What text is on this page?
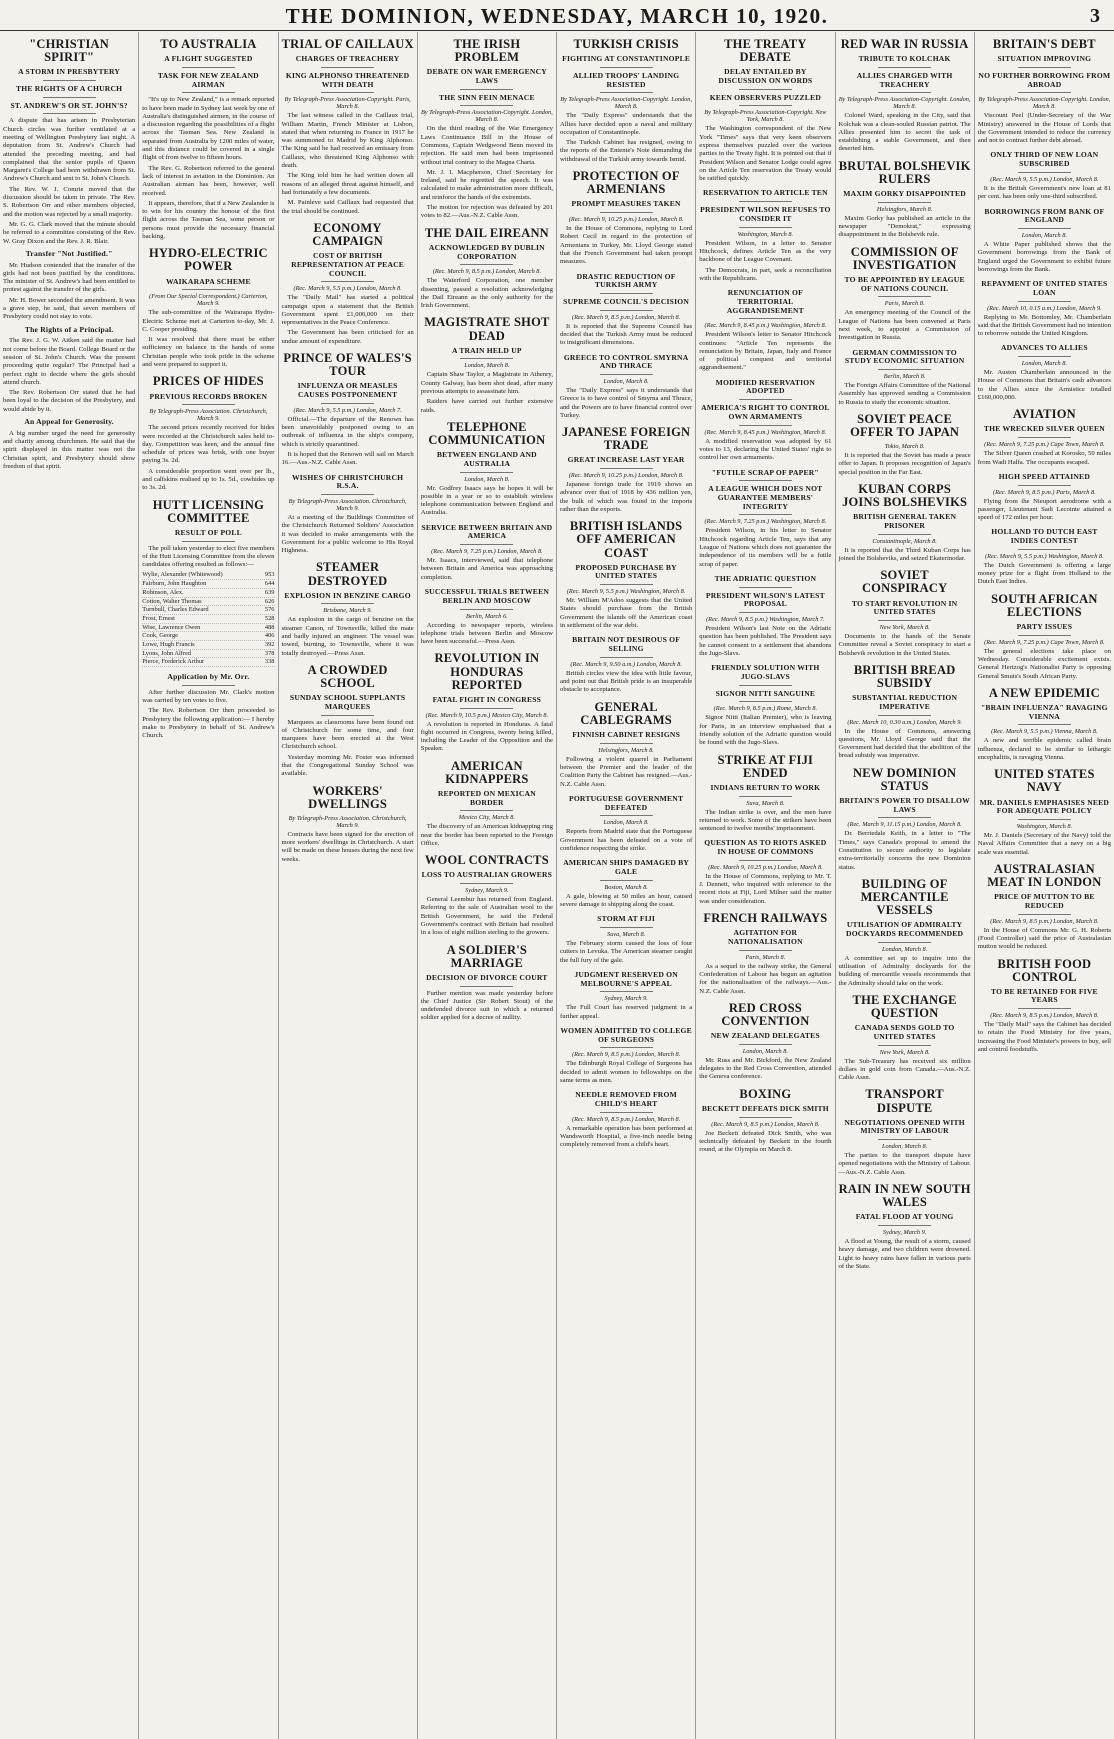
THE DOMINION, WEDNESDAY, MARCH 10, 1920.	3
"CHRISTIAN SPIRIT"
A STORM IN PRESBYTERY
THE RIGHTS OF A CHURCH
ST. ANDREW'S OR ST. JOHN'S?

A dispute that has arisen in Presbyterian Church circles was further ventilated at a meeting of Wellington Presbytery last night. A deputation from St. Andrew's Church had attended the preceding meeting, and had complained that the senior pupils of Queen Margaret's College had been withdrawn from St. Andrew's Church and sent to St. John's Church.

The Rev. W. J. Comrie moved that the discussion should be taken in private. The Rev. S. Robertson Orr and other members objected, and the motion was rejected by a small majority.

Mr. G. G. Clark moved that the minute should be referred to a committee consisting of the Rev. W. Gray Dixon and the Rev. J. R. Blair.

Transfer "Not Justified."

Mr. Hudson contended that the transfer of the girls had not been justified by the conditions. The minister of St. Andrew's had been entitled to protest against the transfer of the girls.

Mr. H. Bower seconded the amendment. It was a grave step, he said, that seven members of Presbytery could not stay to vote.

The Rights of a Principal.

The Rev. J. G. W. Aitken said the matter had not come before the Board. College Board or the session of St. John's Church. Was the present proceeding quite regular? The Principal had a perfect right to decide where the girls should attend church.

The Rev. Robertson Orr stated that he had been loyal to the decision of the Presbytery, and would abide by it.

An Appeal for Generosity.

A big number urged the need for generosity and charity among churchmen. He said that the spirit displayed in this matter was not the Christian spirit, and Presbytery should show freedom of that spirit.

TO AUSTRALIA
A FLIGHT SUGGESTED
TASK FOR NEW ZEALAND AIRMAN

"It's up to New Zealand," is a remark reported to have been made in Sydney last week by one of Australia's distinguished airmen, in the course of a discussion regarding the possibilities of a flight across the Tasman Sea. New Zealand is separated from Australia by 1200 miles of water, and this distance could be covered in a single flight of from twelve to fifteen hours.

The Rev. G. Robertson referred to the general lack of interest in aviation in the Dominion. An Australian airman has been, however, well received.

It appears, therefore, that if a New Zealander is to win for his country the honour of the first flight across the Tasman Sea, some person or persons must provide the necessary financial backing.

HYDRO-ELECTRIC POWER
WAIKARAPA SCHEME
(From Our Special Correspondent.) Carterton, March 9.

The sub-committee of the Wairarapa Hydro-Electric Scheme met at Carterton to-day, Mr. J. C. Cooper presiding.

It was resolved that there must be either sufficiency on balance in the hands of some Christian people who took pride in the scheme and were prepared to support it.

PRICES OF HIDES
PREVIOUS RECORDS BROKEN
By Telegraph-Press Association. Christchurch, March 9.

The second prices recently received for hides were recorded at the Christchurch sales held to-day. Competition was keen, and the annual fine schedule of prices was brisk, with one buyer paying 3s. 2d.

A considerable proportion went over per lb., and calfskins realised up to 1s. 5d., cowhides up to 3s. 2d.

HUTT LICENSING COMMITTEE
RESULT OF POLL

The poll taken yesterday to elect five members of the Hutt Licensing Committee from the eleven candidates offering resulted as follows:—

Wylie, Alexander (Whitewood)	953
Fairburn, John Haughton	644
Robinson, Alex.	639
Cotton, Walter Thomas	626
Turnbull, Charles Edward	576
Frost, Ernest	528
Wise, Lawrence Owen	488
Cook, George	406
Lowe, Hugh Francis	392
Lyons, John Alfred	378
Pierce, Frederick Arthur	338
Application by Mr. Orr.

After further discussion Mr. Clark's motion was carried by ten votes to five.

The Rev. Robertson Orr then proceeded to Presbytery the following application:— I hereby make to Presbytery in behalf of St. Andrew's Church.

TRIAL OF CAILLAUX
CHARGES OF TREACHERY
KING ALPHONSO THREATENED WITH DEATH
By Telegraph-Press Association-Copyright. Paris, March 8.

The last witness called in the Caillaux trial, William Martin, French Minister at Lisbon, stated that when returning to France in 1917 he was summoned to Madrid by King Alphonso. The King said he had received an emissary from Caillaux, who threatened King Alphonso with death.

The King told him he had written down all reasons of an alleged threat against himself, and had fortunately a few documents.

M. Painleve said Caillaux had requested that the trial should be continued.

ECONOMY CAMPAIGN
COST OF BRITISH REPRESENTATION AT PEACE COUNCIL
(Rec. March 9, 5.5 p.m.) London, March 8.

The "Daily Mail" has started a political campaign upon a statement that the British Government spent £1,000,000 on their representatives in the Peace Conference.

The Government has been criticised for an undue amount of expenditure.

PRINCE OF WALES'S TOUR
INFLUENZA OR MEASLES CAUSES POSTPONEMENT
(Rec. March 9, 5.5 p.m.) London, March 7.

Official.—The departure of the Renown has been unavoidably postponed owing to an outbreak of influenza in the ship's company, which is strictly quarantined.

It is hoped that the Renown will sail on March 16.—Aus.-N.Z. Cable Assn.

WISHES OF CHRISTCHURCH R.S.A.
By Telegraph-Press Association. Christchurch, March 9.

At a meeting of the Buildings Committee of the Christchurch Returned Soldiers' Association it was decided to make arrangements with the Government for a public welcome to His Royal Highness.

STEAMER DESTROYED
EXPLOSION IN BENZINE CARGO
Brisbane, March 9.

An explosion in the cargo of benzine on the steamer Canon, of Townsville, killed the mate and badly injured an engineer. The vessel was towed, burning, to Townsville, where it was totally destroyed.—Press Assn.

A CROWDED SCHOOL
SUNDAY SCHOOL SUPPLANTS MARQUEES

Marquees as classrooms have been found out of Christchurch for some time, and four marquees have been erected at the West Christchurch school.

Yesterday morning Mr. Foster was informed that the Congregational Sunday School was available.

WORKERS' DWELLINGS
By Telegraph-Press Association. Christchurch, March 9.

Contracts have been signed for the erection of more workers' dwellings in Christchurch. A start will be made on these houses during the next few weeks.

THE IRISH PROBLEM
DEBATE ON WAR EMERGENCY LAWS
THE SINN FEIN MENACE
By Telegraph-Press Association-Copyright. London, March 8.

On the third reading of the War Emergency Laws Continuance Bill in the House of Commons, Captain Wedgwood Benn moved its rejection. He said men had been imprisoned without trial contrary to the Magna Charta.

Mr. J. I. Macpherson, Chief Secretary for Ireland, said he regretted the speech. It was calculated to make administration more difficult, and reinforce the hands of the extremists.

The motion for rejection was defeated by 201 votes to 82.—Aus.-N.Z. Cable Assn.

THE DAIL EIREANN
ACKNOWLEDGED BY DUBLIN CORPORATION
(Rec. March 9, 8.5 p.m.) London, March 8.

The Waterford Corporation, one member dissenting, passed a resolution acknowledging the Dail Eireann as the only authority for the Irish Government.

MAGISTRATE SHOT DEAD
A TRAIN HELD UP
London, March 8.

Captain Shaw Taylor, a Magistrate in Athenry, County Galway, has been shot dead, after many previous attempts to assassinate him.

Raiders have carried out further extensive raids.

TELEPHONE COMMUNICATION
BETWEEN ENGLAND AND AUSTRALIA
London, March 8.

Mr. Godfrey Isaacs says he hopes it will be possible in a year or so to establish wireless telephone communication between England and Australia.

SERVICE BETWEEN BRITAIN AND AMERICA
(Rec. March 9, 7.25 p.m.) London, March 8.

Mr. Isaacs, interviewed, said that telephone between Britain and America was approaching completion.

SUCCESSFUL TRIALS BETWEEN BERLIN AND MOSCOW
Berlin, March 6.

According to newspaper reports, wireless telephone trials between Berlin and Moscow have been successful.—Press Assn.

REVOLUTION IN HONDURAS REPORTED
FATAL FIGHT IN CONGRESS
(Rec. March 9, 10.5 p.m.) Mexico City, March 8.

A revolution is reported in Honduras. A fatal fight occurred in Congress, twenty being killed, including the Leader of the Opposition and the Speaker.

AMERICAN KIDNAPPERS
REPORTED ON MEXICAN BORDER
Mexico City, March 8.

The discovery of an American kidnapping ring near the border has been reported to the Foreign Office.

WOOL CONTRACTS
LOSS TO AUSTRALIAN GROWERS
Sydney, March 9.

General Leembur has returned from England. Referring to the sale of Australian wool to the British Government, he said the Federal Government's contract with Britain had resulted in a loss of eight million sterling to the growers.

A SOLDIER'S MARRIAGE
DECISION OF DIVORCE COURT

Further mention was made yesterday before the Chief Justice (Sir Robert Stout) of the undefended divorce suit in which a returned soldier applied for a decree of nullity.

TURKISH CRISIS
FIGHTING AT CONSTANTINOPLE
ALLIED TROOPS' LANDING RESISTED
By Telegraph-Press Association-Copyright. London, March 8.

The "Daily Express" understands that the Allies have decided upon a naval and military occupation of Constantinople.

The Turkish Cabinet has resigned, owing to the reports of the Entente's Note demanding the withdrawal of the Turkish army towards Ismid.

PROTECTION OF ARMENIANS
PROMPT MEASURES TAKEN
(Rec. March 9, 10.25 p.m.) London, March 8.

In the House of Commons, replying to Lord Robert Cecil in regard to the protection of Armenians in Turkey, Mr. Lloyd George stated that the French Government had taken prompt measures.

DRASTIC REDUCTION OF TURKISH ARMY
SUPREME COUNCIL'S DECISION
(Rec. March 9, 8.5 p.m.) London, March 8.

It is reported that the Supreme Council has decided that the Turkish Army must be reduced to insignificant dimensions.

GREECE TO CONTROL SMYRNA AND THRACE
London, March 8.

The "Daily Express" says it understands that Greece is to have control of Smyrna and Thrace, and the Powers are to have financial control over Turkey.

JAPANESE FOREIGN TRADE
GREAT INCREASE LAST YEAR
(Rec. March 9, 10.25 p.m.) London, March 8.

Japanese foreign trade for 1919 shows an advance over that of 1918 by 436 million yen, the bulk of which was found in the imports rather than the exports.

BRITISH ISLANDS OFF AMERICAN COAST
PROPOSED PURCHASE BY UNITED STATES
(Rec. March 9, 5.5 p.m.) Washington, March 8.

Mr. William M'Adoo suggests that the United States should purchase from the British Government the islands off the American coast in settlement of the war debt.

BRITAIN NOT DESIROUS OF SELLING
(Rec. March 9, 9.50 a.m.) London, March 8.

British circles view the idea with little favour, and point out that British pride is an insuperable obstacle to acceptance.

GENERAL CABLEGRAMS
FINNISH CABINET RESIGNS
Helsingfors, March 8.

Following a violent quarrel in Parliament between the Premier and the leader of the Coalition Party the Cabinet has resigned.—Aus.-N.Z. Cable Assn.

PORTUGUESE GOVERNMENT DEFEATED
London, March 8.

Reports from Madrid state that the Portuguese Government has been defeated on a vote of confidence respecting the strike.

AMERICAN SHIPS DAMAGED BY GALE
Boston, March 8.

A gale, blowing at 50 miles an hour, caused severe damage to shipping along the coast.

STORM AT FIJI
Suva, March 8.

The February storm caused the loss of four cutters in Levuka. The American steamer caught the full fury of the gale.

JUDGMENT RESERVED ON MELBOURNE'S APPEAL
Sydney, March 9.

The Full Court has reserved judgment in a further appeal.

WOMEN ADMITTED TO COLLEGE OF SURGEONS
(Rec. March 9, 8.5 p.m.) London, March 8.

The Edinburgh Royal College of Surgeons has decided to admit women to fellowships on the same terms as men.

NEEDLE REMOVED FROM CHILD'S HEART
(Rec. March 9, 8.5 p.m.) London, March 8.

A remarkable operation has been performed at Wandsworth Hospital, a five-inch needle being completely removed from a child's heart.

THE TREATY DEBATE
DELAY ENTAILED BY DISCUSSION ON WORDS
KEEN OBSERVERS PUZZLED
By Telegraph-Press Association-Copyright. New York, March 8.

The Washington correspondent of the New York "Times" says that very keen observers express themselves puzzled over the various parties in the Treaty fight. It is pointed out that if President Wilson and Senator Lodge could agree on the Article Ten reservation the Treaty would be ratified quickly.

RESERVATION TO ARTICLE TEN
PRESIDENT WILSON REFUSES TO CONSIDER IT
Washington, March 8.

President Wilson, in a letter to Senator Hitchcock, defines Article Ten as the very backbone of the League Covenant.

The Democrats, in part, seek a reconciliation with the Republicans.

RENUNCIATION OF TERRITORIAL AGGRANDISEMENT
(Rec. March 9, 8.45 p.m.) Washington, March 8.

President Wilson's letter to Senator Hitchcock continues: "Article Ten represents the renunciation by Britain, Japan, Italy and France of political conquest and territorial aggrandisement."

MODIFIED RESERVATION ADOPTED
AMERICA'S RIGHT TO CONTROL OWN ARMAMENTS
(Rec. March 9, 8.45 p.m.) Washington, March 8.

A modified reservation was adopted by 61 votes to 13, declaring the United States' right to control her own armaments.

"FUTILE SCRAP OF PAPER"
A LEAGUE WHICH DOES NOT GUARANTEE MEMBERS' INTEGRITY
(Rec. March 9, 7.25 p.m.) Washington, March 8.

President Wilson, in his letter to Senator Hitchcock regarding Article Ten, says that any League of Nations which does not guarantee the independence of its members will be a futile scrap of paper.

THE ADRIATIC QUESTION
PRESIDENT WILSON'S LATEST PROPOSAL
(Rec. March 9, 8.5 p.m.) Washington, March 7.

President Wilson's last Note on the Adriatic question has been published. The President says he cannot consent to a settlement that abandons the Jugo-Slavs.

FRIENDLY SOLUTION WITH JUGO-SLAVS
SIGNOR NITTI SANGUINE
(Rec. March 9, 8.5 p.m.) Rome, March 8.

Signor Nitti (Italian Premier), who is leaving for Paris, in an interview emphasised that a friendly solution of the Adriatic question would be found with the Jugo-Slavs.

STRIKE AT FIJI ENDED
INDIANS RETURN TO WORK
Suva, March 8.

The Indian strike is over, and the men have returned to work. Some of the strikers have been sentenced to twelve months' imprisonment.

QUESTION AS TO RIOTS ASKED IN HOUSE OF COMMONS
(Rec. March 9, 10.25 p.m.) London, March 8.

In the House of Commons, replying to Mr. T. J. Dennett, who inquired with reference to the recent riots at Fiji, Lord Milner said the matter was under consideration.

FRENCH RAILWAYS
AGITATION FOR NATIONALISATION
Paris, March 8.

As a sequel to the railway strike, the General Confederation of Labour has begun an agitation for the nationalisation of the railways.—Aus.-N.Z. Cable Assn.

RED CROSS CONVENTION
NEW ZEALAND DELEGATES
London, March 8.

Mr. Russ and Mr. Bickford, the New Zealand delegates to the Red Cross Convention, attended the Geneva conference.

BOXING
BECKETT DEFEATS DICK SMITH
(Rec. March 9, 8.5 p.m.) London, March 8.

Joe Beckett defeated Dick Smith, who was technically defeated by Beckett in the fourth round, at the Olympia on March 8.

RED WAR IN RUSSIA
TRIBUTE TO KOLCHAK
ALLIES CHARGED WITH TREACHERY
By Telegraph-Press Association-Copyright. London, March 8.

Colonel Ward, speaking in the City, said that Kolchak was a clean-souled Russian patriot. The Allies presented him to secret the task of establishing a stable Government, and then deserted him.

BRUTAL BOLSHEVIK RULERS
MAXIM GORKY DISAPPOINTED
Helsingfors, March 8.

Maxim Gorky has published an article in the newspaper "Demokrat," expressing disappointment in the Bolshevik rule.

COMMISSION OF INVESTIGATION
TO BE APPOINTED BY LEAGUE OF NATIONS COUNCIL
Paris, March 8.

An emergency meeting of the Council of the League of Nations has been convened at Paris next week, to appoint a Commission of Investigation in Russia.

GERMAN COMMISSION TO STUDY ECONOMIC SITUATION
Berlin, March 8.

The Foreign Affairs Committee of the National Assembly has approved sending a Commission to Russia to study the economic situation.

SOVIET PEACE OFFER TO JAPAN
Tokio, March 8.

It is reported that the Soviet has made a peace offer to Japan. It proposes recognition of Japan's special position in the Far East.

KUBAN CORPS JOINS BOLSHEVIKS
BRITISH GENERAL TAKEN PRISONER
Constantinople, March 8.

It is reported that the Third Kuban Corps has joined the Bolsheviks, and seized Ekaterinodar.

SOVIET CONSPIRACY
TO START REVOLUTION IN UNITED STATES
New York, March 8.

Documents in the hands of the Senate Committee reveal a Soviet conspiracy to start a Bolshevik revolution in the United States.

BRITISH BREAD SUBSIDY
SUBSTANTIAL REDUCTION IMPERATIVE
(Rec. March 10, 0.30 a.m.) London, March 9.

In the House of Commons, answering questions, Mr. Lloyd George said that the Government had decided that the abolition of the bread subsidy was imperative.

NEW DOMINION STATUS
BRITAIN'S POWER TO DISALLOW LAWS
(Rec. March 9, 11.15 p.m.) London, March 8.

Dr. Berriedale Keith, in a letter to "The Times," says Canada's proposal to amend the Constitution to secure authority to legislate extra-territorially concerns the new Dominion status.

BUILDING OF MERCANTILE VESSELS
UTILISATION OF ADMIRALTY DOCKYARDS RECOMMENDED
London, March 8.

A committee set up to inquire into the utilisation of Admiralty dockyards for the building of mercantile vessels recommends that the Admiralty should take on the work.

THE EXCHANGE QUESTION
CANADA SENDS GOLD TO UNITED STATES
New York, March 8.

The Sub-Treasury has received six million dollars in gold coin from Canada.—Aus.-N.Z. Cable Assn.

TRANSPORT DISPUTE
NEGOTIATIONS OPENED WITH MINISTRY OF LABOUR
London, March 8.

The parties to the transport dispute have opened negotiations with the Ministry of Labour.—Aus.-N.Z. Cable Assn.

RAIN IN NEW SOUTH WALES
FATAL FLOOD AT YOUNG
Sydney, March 9.

A flood at Young, the result of a storm, caused heavy damage, and two children were drowned. Light to heavy rains have fallen in various parts of the State.

BRITAIN'S DEBT
SITUATION IMPROVING
NO FURTHER BORROWING FROM ABROAD
By Telegraph-Press Association-Copyright. London, March 8.

Viscount Peel (Under-Secretary of the War Ministry) answered in the House of Lords that the Government intended to reduce the currency and not to contract further debt abroad.

ONLY THIRD OF NEW LOAN SUBSCRIBED
(Rec. March 9, 5.5 p.m.) London, March 8.

It is the British Government's new loan at 81 per cent. has been only one-third subscribed.

BORROWINGS FROM BANK OF ENGLAND
London, March 8.

A White Paper published shows that the Government borrowings from the Bank of England urged the Government to exhibit future borrowings from the Bank.

REPAYMENT OF UNITED STATES LOAN
(Rec. March 10, 0.15 a.m.) London, March 9.

Replying to Mr. Bottomley, Mr. Chamberlain said that the British Government had no intention to reborrow outside the United Kingdom.

ADVANCES TO ALLIES
London, March 8.

Mr. Austen Chamberlain announced in the House of Commons that Britain's cash advances to the Allies since the Armistice totalled £160,000,000.

AVIATION
THE WRECKED SILVER QUEEN
(Rec. March 9, 7.25 p.m.) Cape Town, March 8.

The Silver Queen crashed at Korosko, 50 miles from Wadi Halfa. The occupants escaped.

HIGH SPEED ATTAINED
(Rec. March 9, 8.5 p.m.) Paris, March 8.

Flying from the Nieuport aerodrome with a passenger, Lieutenant Sadi Lecointe attained a speed of 172 miles per hour.

HOLLAND TO DUTCH EAST INDIES CONTEST
(Rec. March 9, 5.5 p.m.) Washington, March 8.

The Dutch Government is offering a large money prize for a flight from Holland to the Dutch East Indies.

SOUTH AFRICAN ELECTIONS
PARTY ISSUES
(Rec. March 9, 7.25 p.m.) Cape Town, March 8.

The general elections take place on Wednesday. Considerable excitement exists. General Hertzog's Nationalist Party is opposing General Smuts's South African Party.

A NEW EPIDEMIC
"BRAIN INFLUENZA" RAVAGING VIENNA
(Rec. March 9, 5.5 p.m.) Vienna, March 8.

A new and terrible epidemic called brain influenza, declared to be similar to lethargic encephalitis, is ravaging Vienna.

UNITED STATES NAVY
MR. DANIELS EMPHASISES NEED FOR ADEQUATE POLICY
Washington, March 8.

Mr. J. Daniels (Secretary of the Navy) told the Naval Affairs Committee that a navy on a big scale was essential.

AUSTRALASIAN MEAT IN LONDON
PRICE OF MUTTON TO BE REDUCED
(Rec. March 9, 8.5 p.m.) London, March 8.

In the House of Commons Mr. G. H. Roberts (Food Controller) said the price of Australasian mutton would be reduced.

BRITISH FOOD CONTROL
TO BE RETAINED FOR FIVE YEARS
(Rec. March 9, 8.5 p.m.) London, March 8.

The "Daily Mail" says the Cabinet has decided to retain the Food Ministry for five years, increasing the Food Minister's powers to buy, sell and control foodstuffs.
